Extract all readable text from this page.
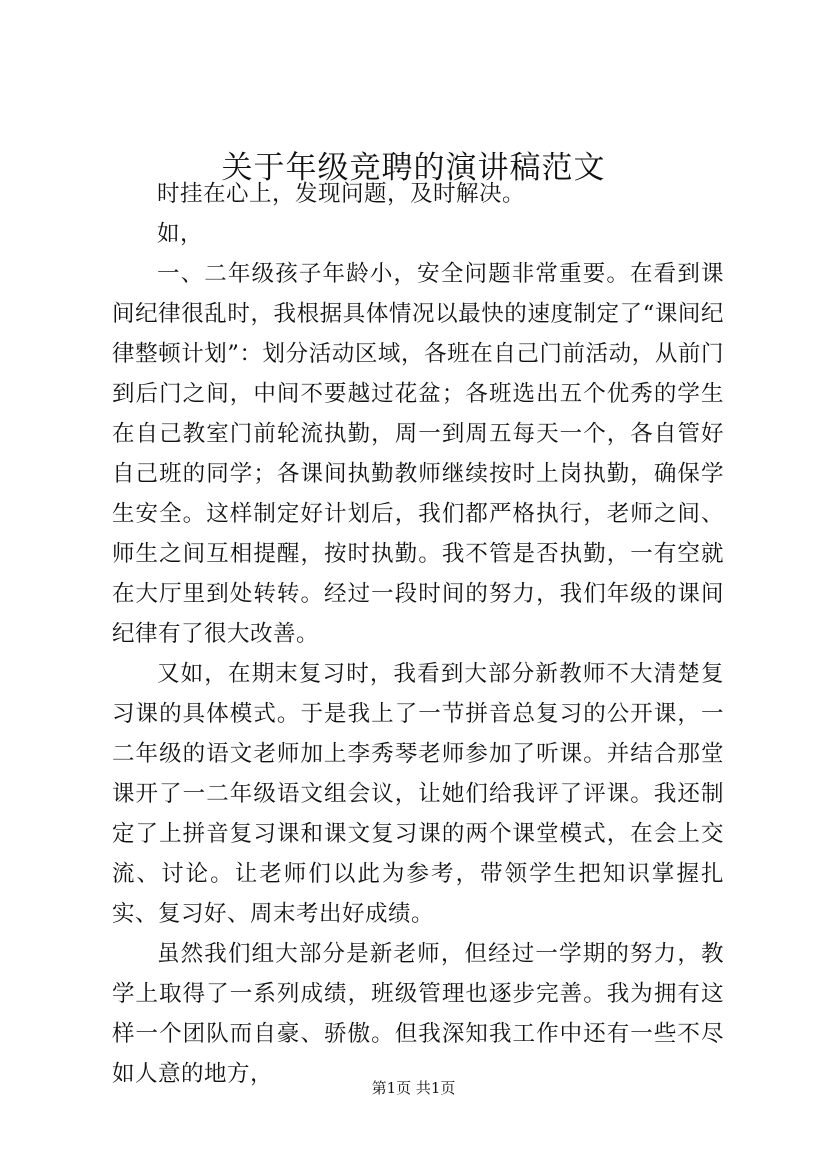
关于年级竞聘的演讲稿范文

时挂在心上，发现问题，及时解决。

如，

一、二年级孩子年龄小，安全问题非常重要。在看到课间纪律很乱时，我根据具体情况以最快的速度制定了“课间纪律整顿计划”：划分活动区域，各班在自己门前活动，从前门到后门之间，中间不要越过花盆；各班选出五个优秀的学生在自己教室门前轮流执勤，周一到周五每天一个，各自管好自己班的同学；各课间执勤教师继续按时上岗执勤，确保学生安全。这样制定好计划后，我们都严格执行，老师之间、师生之间互相提醒，按时执勤。我不管是否执勤，一有空就在大厅里到处转转。经过一段时间的努力，我们年级的课间纪律有了很大改善。

又如，在期末复习时，我看到大部分新教师不大清楚复习课的具体模式。于是我上了一节拼音总复习的公开课，一二年级的语文老师加上李秀琴老师参加了听课。并结合那堂课开了一二年级语文组会议，让她们给我评了评课。我还制定了上拼音复习课和课文复习课的两个课堂模式，在会上交流、讨论。让老师们以此为参考，带领学生把知识掌握扎实、复习好、周末考出好成绩。

虽然我们组大部分是新老师，但经过一学期的努力，教学上取得了一系列成绩，班级管理也逐步完善。我为拥有这样一个团队而自豪、骄傲。但我深知我工作中还有一些不尽如人意的地方，

第1页 共1页
